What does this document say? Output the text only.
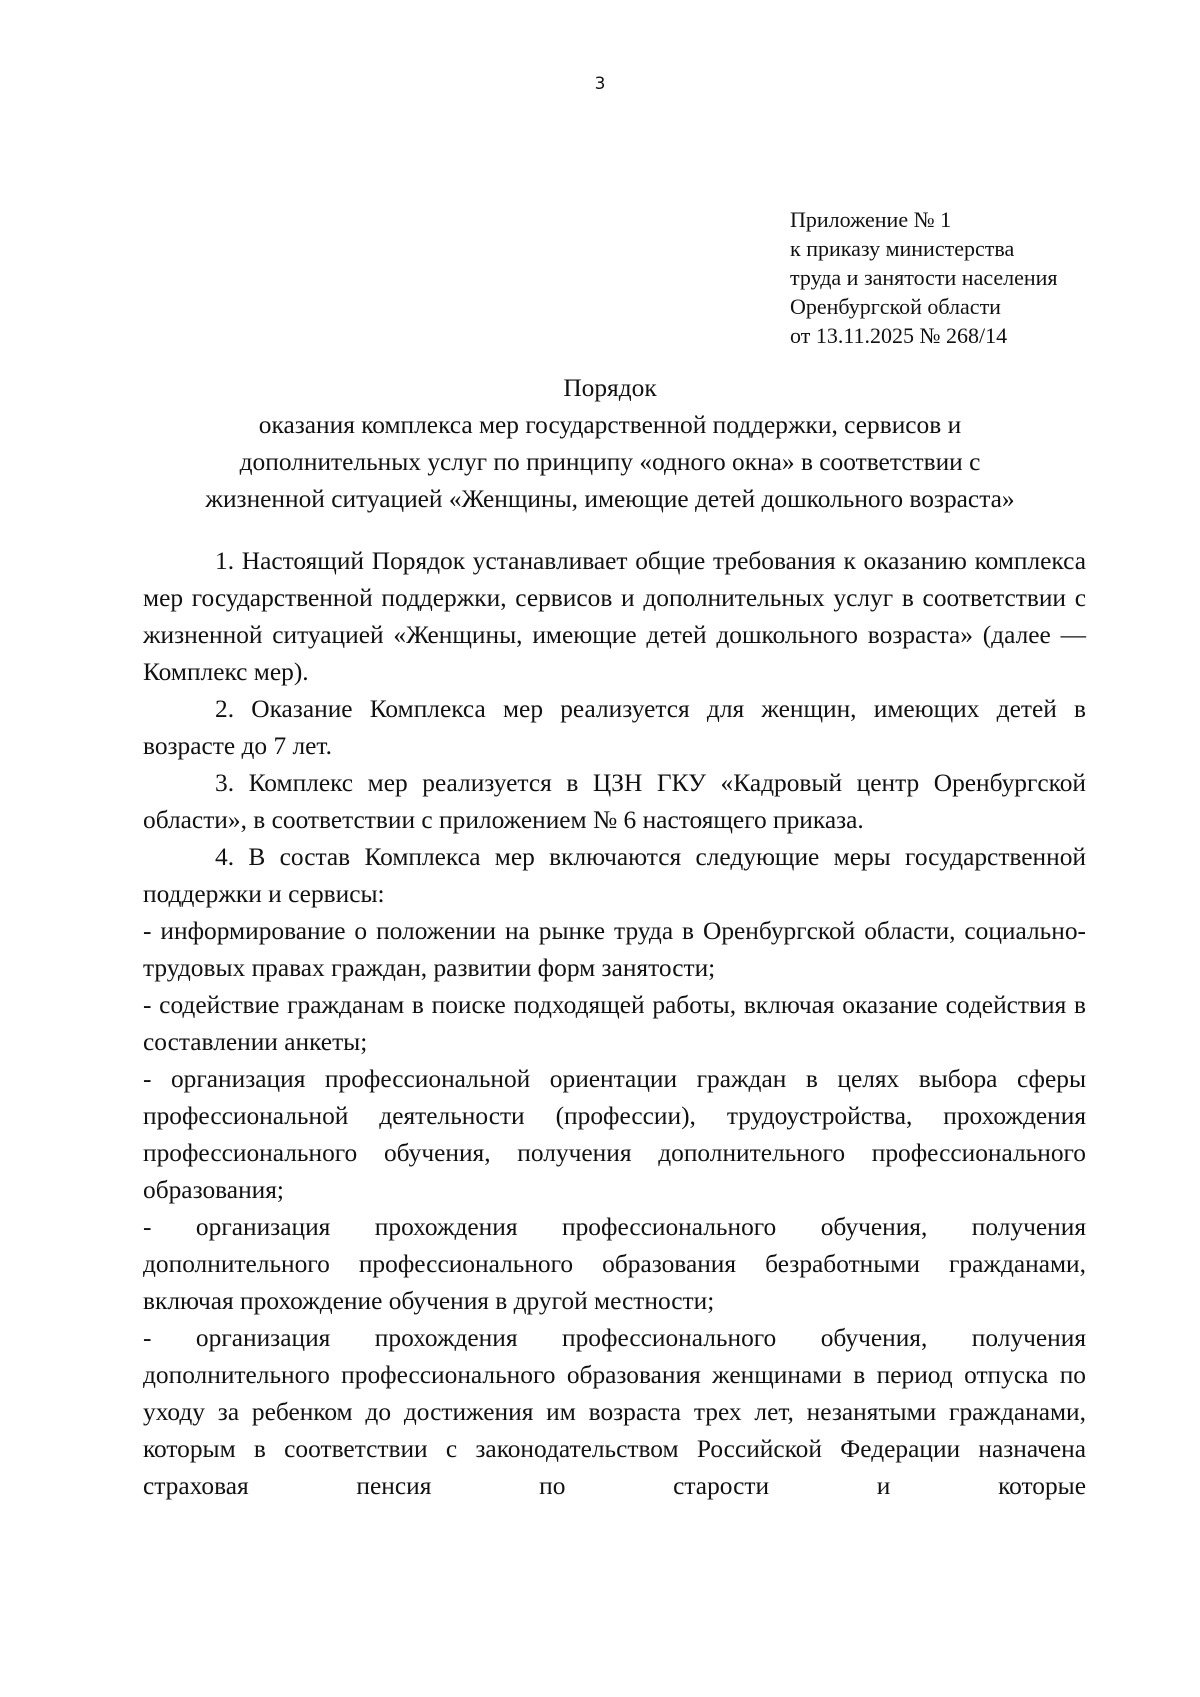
3
Приложение № 1
к приказу министерства
труда и занятости населения
Оренбургской области
от 13.11.2025 № 268/14
Порядок
оказания комплекса мер государственной поддержки, сервисов и
дополнительных услуг по принципу «одного окна» в соответствии с
жизненной ситуацией «Женщины, имеющие детей дошкольного возраста»

1. Настоящий Порядок устанавливает общие требования к оказанию комплекса мер государственной поддержки, сервисов и дополнительных услуг в соответствии с жизненной ситуацией «Женщины, имеющие детей дошкольного возраста» (далее — Комплекс мер).

2. Оказание Комплекса мер реализуется для женщин, имеющих детей в возрасте до 7 лет.

3. Комплекс мер реализуется в ЦЗН ГКУ «Кадровый центр Оренбургской области», в соответствии с приложением № 6 настоящего приказа.

4. В состав Комплекса мер включаются следующие меры государственной поддержки и сервисы:

- информирование о положении на рынке труда в Оренбургской области, социально-трудовых правах граждан, развитии форм занятости;

- содействие гражданам в поиске подходящей работы, включая оказание содействия в составлении анкеты;

- организация профессиональной ориентации граждан в целях выбора сферы профессиональной деятельности (профессии), трудоустройства, прохождения профессионального обучения, получения дополнительного профессионального образования;

- организация прохождения профессионального обучения, получения дополнительного профессионального образования безработными гражданами, включая прохождение обучения в другой местности;

- организация прохождения профессионального обучения, получения дополнительного профессионального образования женщинами в период отпуска по уходу за ребенком до достижения им возраста трех лет, незанятыми гражданами, которым в соответствии с законодательством Российской Федерации назначена страховая пенсия по старости и которые
